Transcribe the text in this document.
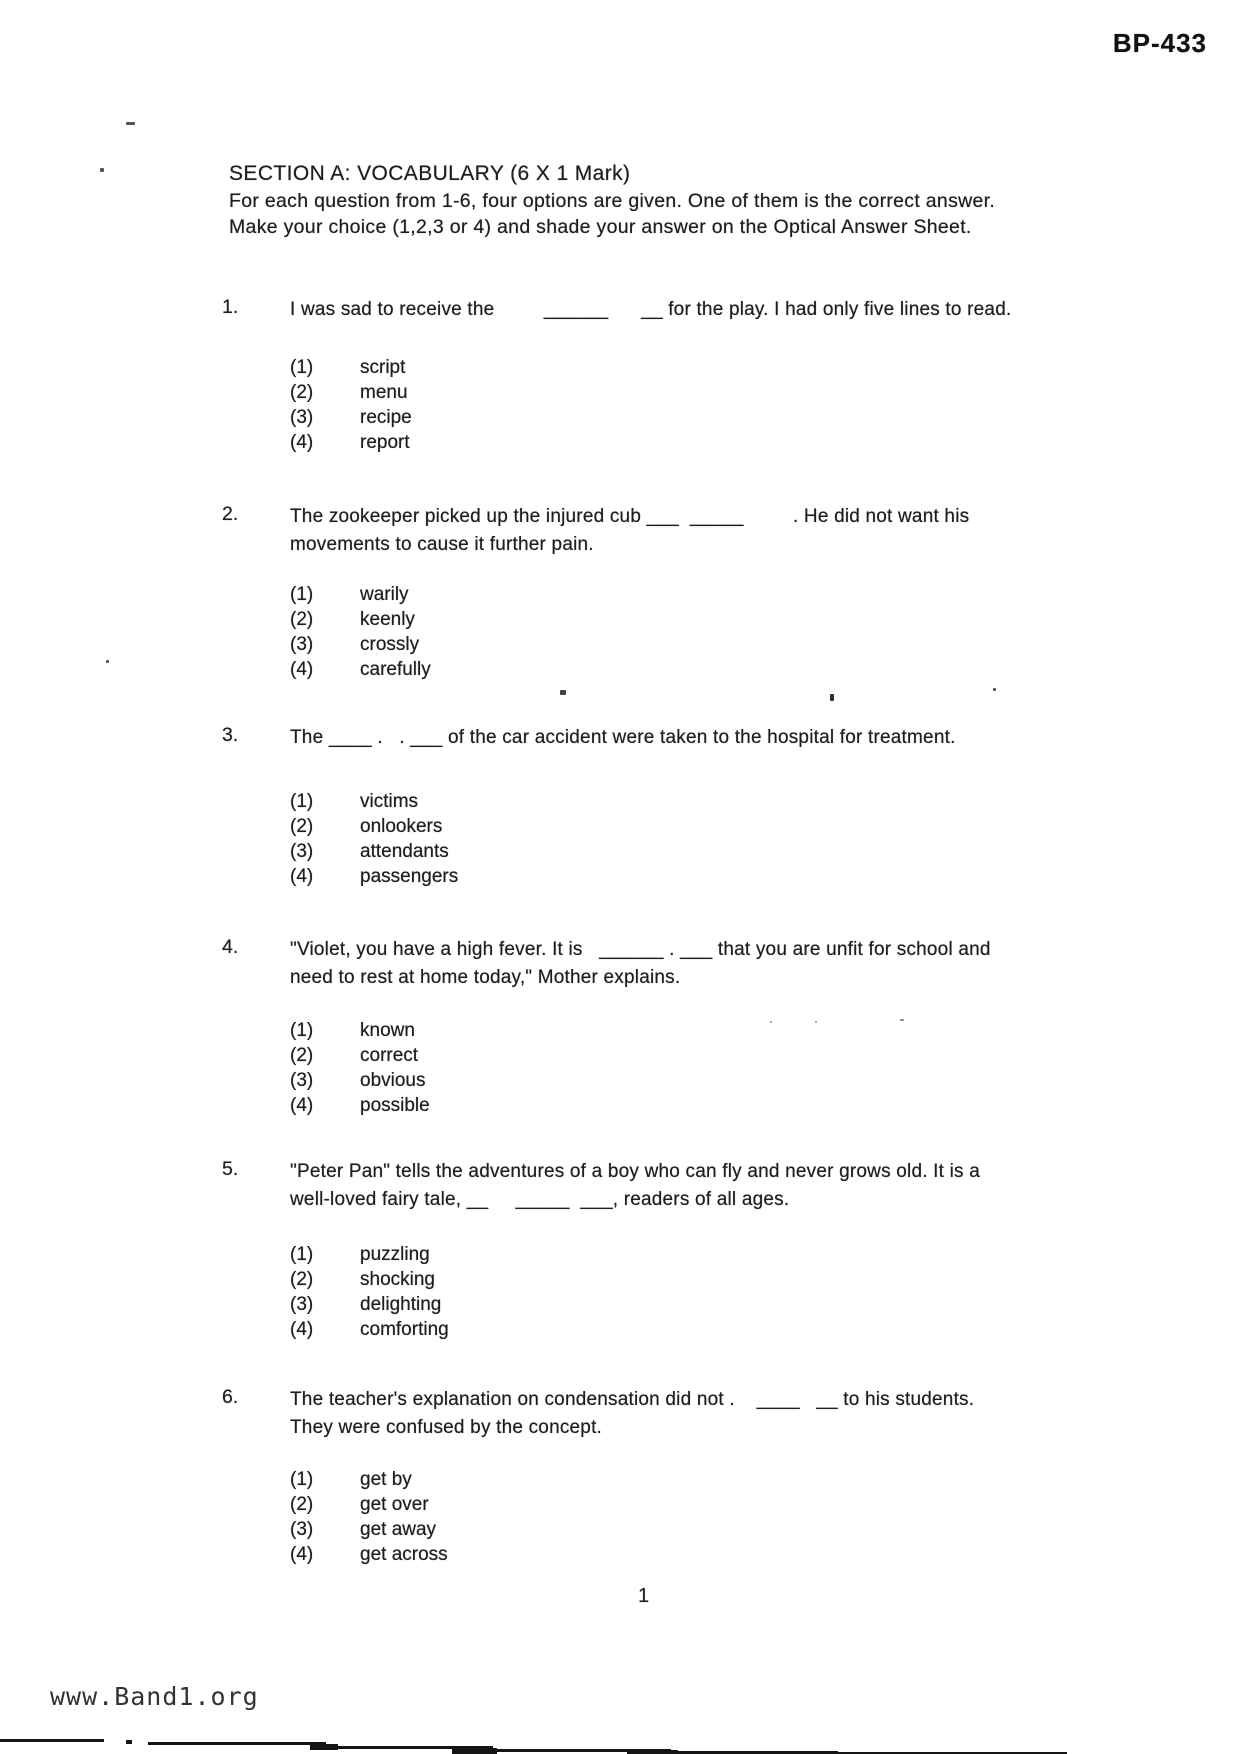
BP-433
SECTION A: VOCABULARY (6 X 1 Mark)
For each question from 1-6, four options are given. One of them is the correct answer.
Make your choice (1,2,3 or 4) and shade your answer on the Optical Answer Sheet.
1.	I was sad to receive the         ______      __ for the play. I had only five lines to read.
(1)	script
(2)	menu
(3)	recipe
(4)	report
2.	The zookeeper picked up the injured cub ___  _____         . He did not want his
movements to cause it further pain.
(1)	warily
(2)	keenly
(3)	crossly
(4)	carefully
3.	The ____ .   . ___ of the car accident were taken to the hospital for treatment.
(1)	victims
(2)	onlookers
(3)	attendants
(4)	passengers
4.	"Violet, you have a high fever. It is   ______ . ___ that you are unfit for school and
need to rest at home today," Mother explains.
(1)	known
(2)	correct
(3)	obvious
(4)	possible
5.	"Peter Pan" tells the adventures of a boy who can fly and never grows old. It is a
well-loved fairy tale, __     _____  ___, readers of all ages.
(1)	puzzling
(2)	shocking
(3)	delighting
(4)	comforting
6.	The teacher's explanation on condensation did not .    ____   __ to his students.
They were confused by the concept.
(1)	get by
(2)	get over
(3)	get away
(4)	get across
1
www.Band1.org
